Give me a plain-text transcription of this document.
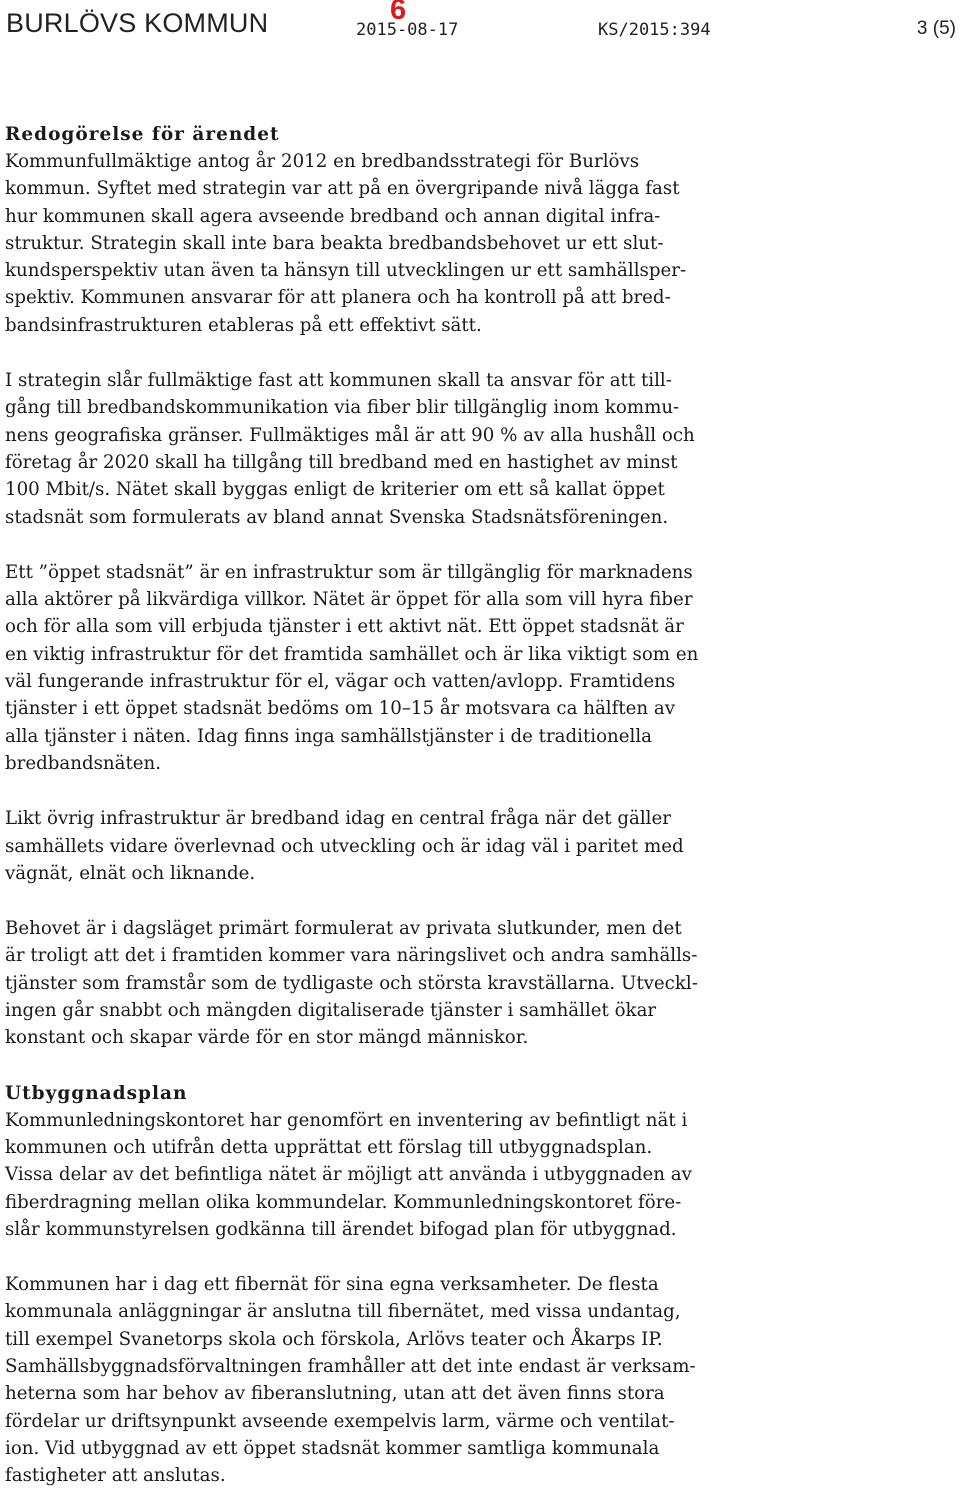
BURLÖVS KOMMUN	6
2015-08-17	KS/2015:394	3 (5)
Redogörelse för ärendet

Kommunfullmäktige antog år 2012 en bredbandsstrategi för Burlövs
kommun. Syftet med strategin var att på en övergripande nivå lägga fast
hur kommunen skall agera avseende bredband och annan digital infra-
struktur. Strategin skall inte bara beakta bredbandsbehovet ur ett slut-
kundsperspektiv utan även ta hänsyn till utvecklingen ur ett samhällsper-
spektiv. Kommunen ansvarar för att planera och ha kontroll på att bred-
bandsinfrastrukturen etableras på ett effektivt sätt.

I strategin slår fullmäktige fast att kommunen skall ta ansvar för att till-
gång till bredbandskommunikation via fiber blir tillgänglig inom kommu-
nens geografiska gränser. Fullmäktiges mål är att 90 % av alla hushåll och
företag år 2020 skall ha tillgång till bredband med en hastighet av minst
100 Mbit/s. Nätet skall byggas enligt de kriterier om ett så kallat öppet
stadsnät som formulerats av bland annat Svenska Stadsnätsföreningen.

Ett ”öppet stadsnät” är en infrastruktur som är tillgänglig för marknadens
alla aktörer på likvärdiga villkor. Nätet är öppet för alla som vill hyra fiber
och för alla som vill erbjuda tjänster i ett aktivt nät. Ett öppet stadsnät är
en viktig infrastruktur för det framtida samhället och är lika viktigt som en
väl fungerande infrastruktur för el, vägar och vatten/avlopp. Framtidens
tjänster i ett öppet stadsnät bedöms om 10–15 år motsvara ca hälften av
alla tjänster i näten. Idag finns inga samhällstjänster i de traditionella
bredbandsnäten.

Likt övrig infrastruktur är bredband idag en central fråga när det gäller
samhällets vidare överlevnad och utveckling och är idag väl i paritet med
vägnät, elnät och liknande.

Behovet är i dagsläget primärt formulerat av privata slutkunder, men det
är troligt att det i framtiden kommer vara näringslivet och andra samhälls-
tjänster som framstår som de tydligaste och största kravställarna. Utveckl-
ingen går snabbt och mängden digitaliserade tjänster i samhället ökar
konstant och skapar värde för en stor mängd människor.

Utbyggnadsplan

Kommunledningskontoret har genomfört en inventering av befintligt nät i
kommunen och utifrån detta upprättat ett förslag till utbyggnadsplan.
Vissa delar av det befintliga nätet är möjligt att använda i utbyggnaden av
fiberdragning mellan olika kommundelar. Kommunledningskontoret före-
slår kommunstyrelsen godkänna till ärendet bifogad plan för utbyggnad.

Kommunen har i dag ett fibernät för sina egna verksamheter. De flesta
kommunala anläggningar är anslutna till fibernätet, med vissa undantag,
till exempel Svanetorps skola och förskola, Arlövs teater och Åkarps IP.
Samhällsbyggnadsförvaltningen framhåller att det inte endast är verksam-
heterna som har behov av fiberanslutning, utan att det även finns stora
fördelar ur driftsynpunkt avseende exempelvis larm, värme och ventilat-
ion. Vid utbyggnad av ett öppet stadsnät kommer samtliga kommunala
fastigheter att anslutas.
